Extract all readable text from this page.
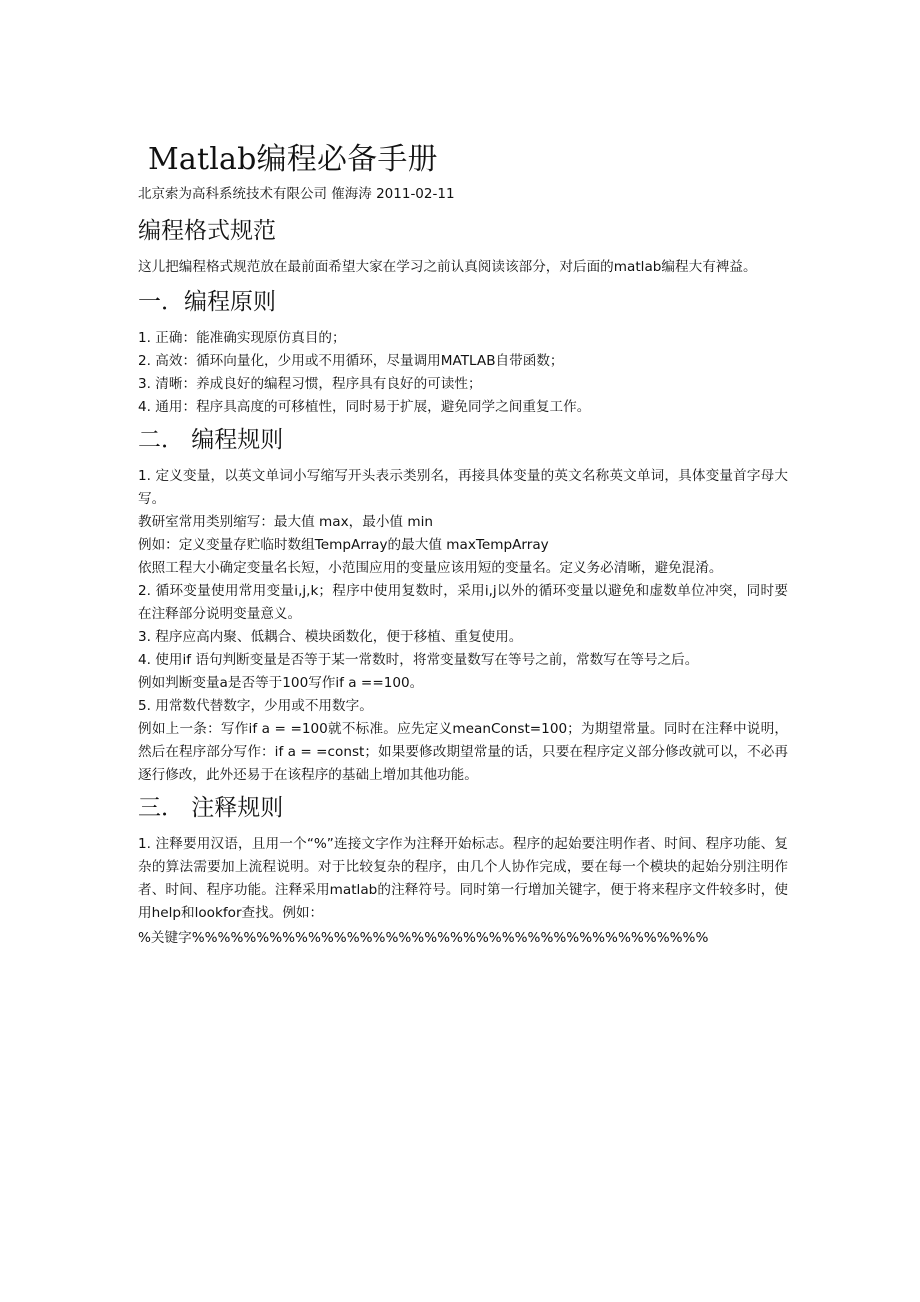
Matlab编程必备手册

北京索为高科系统技术有限公司 傕海涛 2011-02-11

编程格式规范

这儿把编程格式规范放在最前面希望大家在学习之前认真阅读该部分，对后面的matlab编程大有裨益。

一．编程原则

1. 正确：能准确实现原仿真目的；

2. 高效：循环向量化，少用或不用循环，尽量调用MATLAB自带函数；

3. 清晰：养成良好的编程习惯，程序具有良好的可读性；

4. 通用：程序具高度的可移植性，同时易于扩展，避免同学之间重复工作。

二． 编程规则

1. 定义变量，以英文单词小写缩写开头表示类别名，再接具体变量的英文名称英文单词，具体变量首字母大写。

教研室常用类别缩写：最大值 max，最小值 min

例如：定义变量存贮临时数组TempArray的最大值 maxTempArray

依照工程大小确定变量名长短，小范围应用的变量应该用短的变量名。定义务必清晰，避免混淆。

2. 循环变量使用常用变量i,j,k；程序中使用复数时，采用i,j以外的循环变量以避免和虚数单位冲突，同时要在注释部分说明变量意义。

3. 程序应高内聚、低耦合、模块函数化，便于移植、重复使用。

4. 使用if 语句判断变量是否等于某一常数时，将常变量数写在等号之前，常数写在等号之后。

例如判断变量a是否等于100写作if a ==100。

5. 用常数代替数字，少用或不用数字。

例如上一条：写作if a = =100就不标准。应先定义meanConst=100；为期望常量。同时在注释中说明，然后在程序部分写作：if a = =const；如果要修改期望常量的话，只要在程序定义部分修改就可以，不必再逐行修改，此外还易于在该程序的基础上增加其他功能。

三． 注释规则

1. 注释要用汉语，且用一个“%”连接文字作为注释开始标志。程序的起始要注明作者、时间、程序功能、复杂的算法需要加上流程说明。对于比较复杂的程序，由几个人协作完成，要在每一个模块的起始分别注明作者、时间、程序功能。注释采用matlab的注释符号。同时第一行增加关键字，便于将来程序文件较多时，使用help和lookfor查找。例如：

%关键字%%%%%%%%%%%%%%%%%%%%%%%%%%%%%%%%%%%%%%%%
